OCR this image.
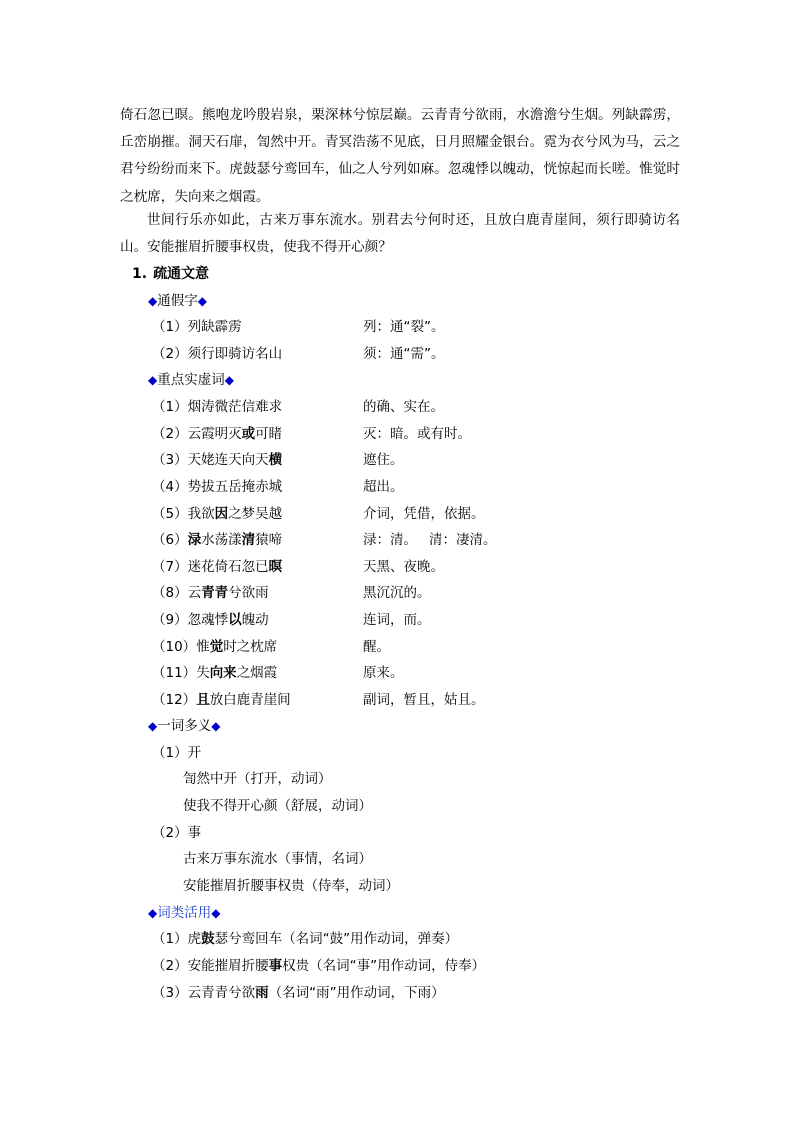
倚石忽已暝。熊咆龙吟殷岩泉，栗深林兮惊层巅。云青青兮欲雨，水澹澹兮生烟。列缺霹雳，丘峦崩摧。洞天石扉，訇然中开。青冥浩荡不见底，日月照耀金银台。霓为衣兮风为马，云之君兮纷纷而来下。虎鼓瑟兮鸾回车，仙之人兮列如麻。忽魂悸以魄动，恍惊起而长嗟。惟觉时之枕席，失向来之烟霞。

世间行乐亦如此，古来万事东流水。别君去兮何时还，且放白鹿青崖间，须行即骑访名山。安能摧眉折腰事权贵，使我不得开心颜？

1. 疏通文意
◆通假字◆
（1）列缺霹雳	列：通“裂”。
（2）须行即骑访名山	须：通“需”。
◆重点实虚词◆
（1）烟涛微茫信难求	的确、实在。
（2）云霞明灭或可睹	灭：暗。或有时。
（3）天姥连天向天横	遮住。
（4）势拔五岳掩赤城	超出。
（5）我欲因之梦吴越	介词，凭借，依据。
（6）渌水荡漾清猿啼	渌：清。 清：凄清。
（7）迷花倚石忽已暝	天黑、夜晚。
（8）云青青兮欲雨	黑沉沉的。
（9）忽魂悸以魄动	连词，而。
（10）惟觉时之枕席	醒。
（11）失向来之烟霞	原来。
（12）且放白鹿青崖间	副词，暂且，姑且。
◆一词多义◆
（1）开
訇然中开（打开，动词）
使我不得开心颜（舒展，动词）
（2）事
古来万事东流水（事情，名词）
安能摧眉折腰事权贵（侍奉，动词）
◆词类活用◆
（1）虎鼓瑟兮鸾回车（名词“鼓”用作动词，弹奏）
（2）安能摧眉折腰事权贵（名词“事”用作动词，侍奉）
（3）云青青兮欲雨（名词“雨”用作动词，下雨）
